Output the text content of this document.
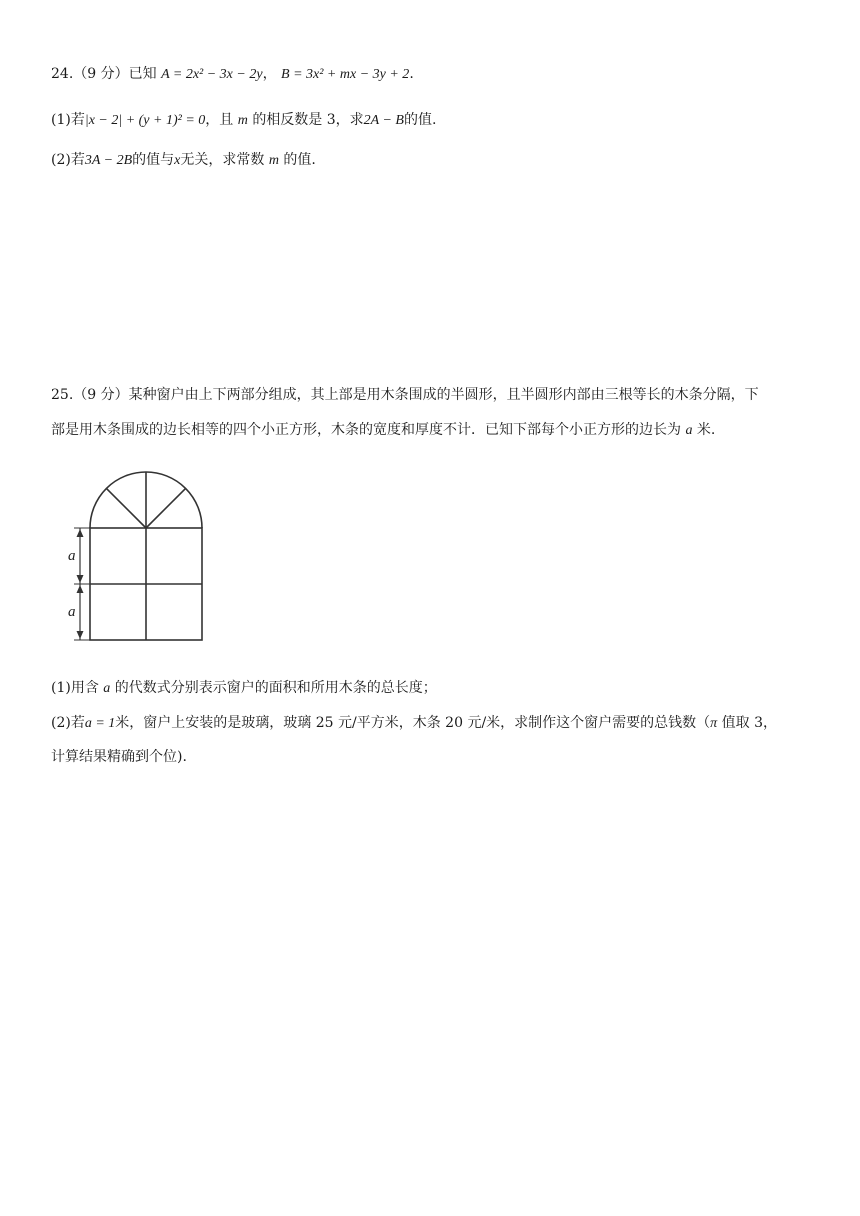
24.（9 分）已知 A = 2x² − 3x − 2y， B = 3x² + mx − 3y + 2.
(1)若|x − 2| + (y + 1)² = 0，且 m 的相反数是 3，求2A − B的值.
(2)若3A − 2B的值与x无关，求常数 m 的值.
25.（9 分）某种窗户由上下两部分组成，其上部是用木条围成的半圆形，且半圆形内部由三根等长的木条分隔，下
部是用木条围成的边长相等的四个小正方形，木条的宽度和厚度不计．已知下部每个小正方形的边长为 a 米.
a
a
(1)用含 a 的代数式分别表示窗户的面积和所用木条的总长度；
(2)若a = 1米，窗户上安装的是玻璃，玻璃 25 元/平方米，木条 20 元/米，求制作这个窗户需要的总钱数（π 值取 3，
计算结果精确到个位).
